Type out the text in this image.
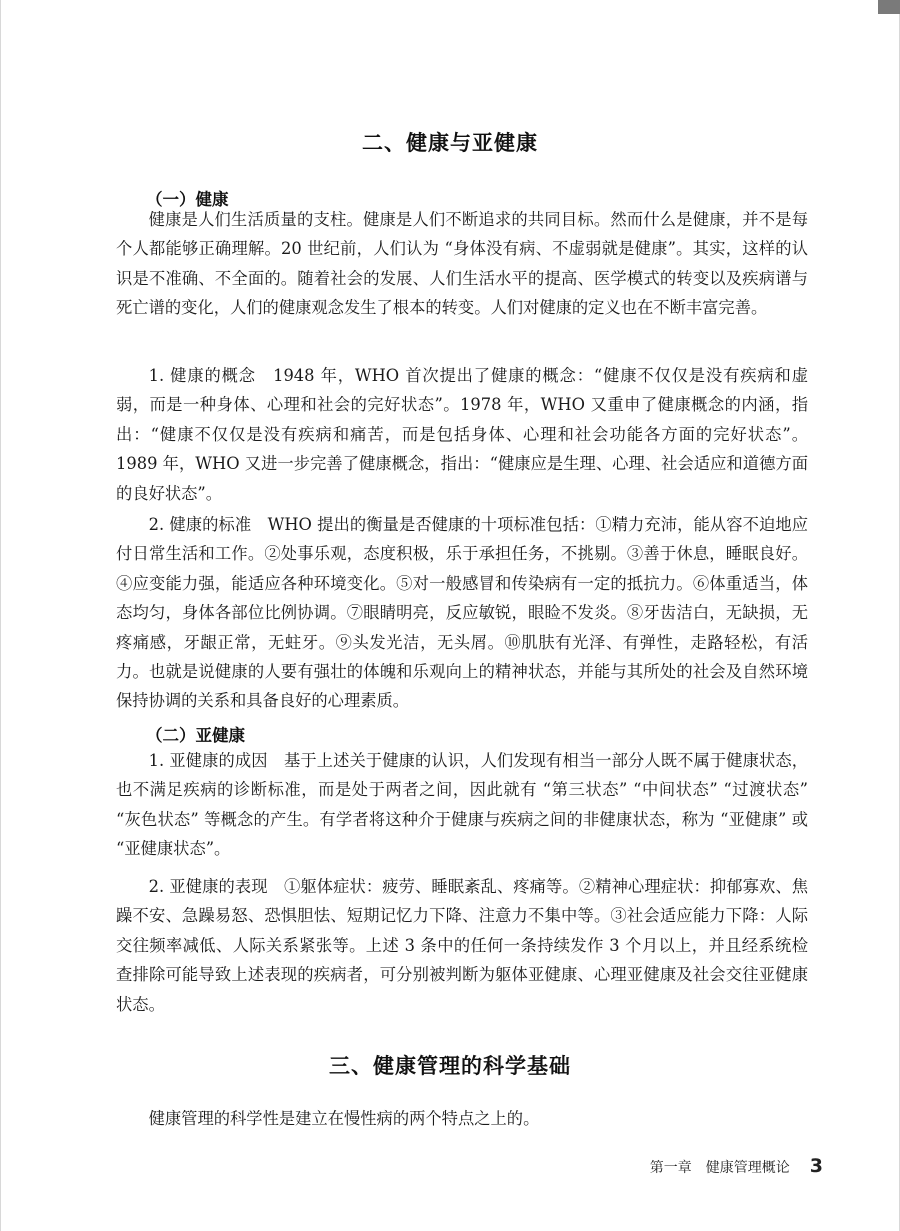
二、健康与亚健康
（一）健康

健康是人们生活质量的支柱。健康是人们不断追求的共同目标。然而什么是健康，并不是每个人都能够正确理解。20 世纪前，人们认为 “身体没有病、不虚弱就是健康”。其实，这样的认识是不准确、不全面的。随着社会的发展、人们生活水平的提高、医学模式的转变以及疾病谱与死亡谱的变化，人们的健康观念发生了根本的转变。人们对健康的定义也在不断丰富完善。

1. 健康的概念　 1948 年，WHO 首次提出了健康的概念：“健康不仅仅是没有疾病和虚弱，而是一种身体、心理和社会的完好状态”。1978 年，WHO 又重申了健康概念的内涵，指出：“健康不仅仅是没有疾病和痛苦，而是包括身体、心理和社会功能各方面的完好状态”。1989 年，WHO 又进一步完善了健康概念，指出：“健康应是生理、心理、社会适应和道德方面的良好状态”。

2. 健康的标准　 WHO 提出的衡量是否健康的十项标准包括：①精力充沛，能从容不迫地应付日常生活和工作。②处事乐观，态度积极，乐于承担任务，不挑剔。③善于休息，睡眠良好。④应变能力强，能适应各种环境变化。⑤对一般感冒和传染病有一定的抵抗力。⑥体重适当，体态均匀，身体各部位比例协调。⑦眼睛明亮，反应敏锐，眼睑不发炎。⑧牙齿洁白，无缺损，无疼痛感，牙龈正常，无蛀牙。⑨头发光洁，无头屑。⑩肌肤有光泽、有弹性，走路轻松，有活力。也就是说健康的人要有强壮的体魄和乐观向上的精神状态，并能与其所处的社会及自然环境保持协调的关系和具备良好的心理素质。

（二）亚健康

1. 亚健康的成因　 基于上述关于健康的认识，人们发现有相当一部分人既不属于健康状态，也不满足疾病的诊断标准，而是处于两者之间，因此就有 “第三状态” “中间状态” “过渡状态” “灰色状态” 等概念的产生。有学者将这种介于健康与疾病之间的非健康状态，称为 “亚健康” 或 “亚健康状态”。

2. 亚健康的表现　 ①躯体症状：疲劳、睡眠紊乱、疼痛等。②精神心理症状：抑郁寡欢、焦躁不安、急躁易怒、恐惧胆怯、短期记忆力下降、注意力不集中等。③社会适应能力下降：人际交往频率减低、人际关系紧张等。上述 3 条中的任何一条持续发作 3 个月以上，并且经系统检查排除可能导致上述表现的疾病者，可分别被判断为躯体亚健康、心理亚健康及社会交往亚健康状态。

三、健康管理的科学基础

健康管理的科学性是建立在慢性病的两个特点之上的。

第一章 健康管理概论 3
